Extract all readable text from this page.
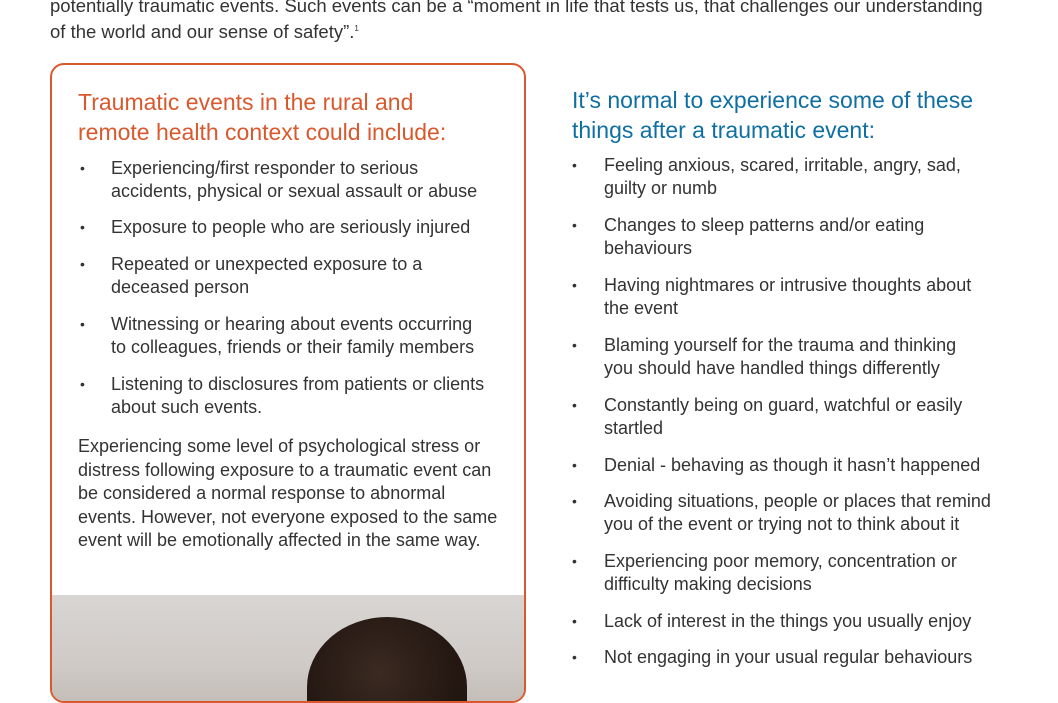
potentially traumatic events. Such events can be a “moment in life that tests us, that challenges our understanding

of the world and our sense of safety”.$^1$

Traumatic events in the rural and
remote health context could include:
•	Experiencing/first responder to serious
accidents, physical or sexual assault or abuse
•	Exposure to people who are seriously injured
•	Repeated or unexpected exposure to a
deceased person
•	Witnessing or hearing about events occurring
to colleagues, friends or their family members
•	Listening to disclosures from patients or clients
about such events.

Experiencing some level of psychological stress or distress following exposure to a traumatic event can be considered a normal response to abnormal events. However, not everyone exposed to the same event will be emotionally affected in the same way.

It’s normal to experience some of these
things after a traumatic event:
•	Feeling anxious, scared, irritable, angry, sad,
guilty or numb
•	Changes to sleep patterns and/or eating
behaviours
•	Having nightmares or intrusive thoughts about
the event
•	Blaming yourself for the trauma and thinking
you should have handled things differently
•	Constantly being on guard, watchful or easily
startled
•	Denial - behaving as though it hasn’t happened
•	Avoiding situations, people or places that remind
you of the event or trying not to think about it
•	Experiencing poor memory, concentration or
difficulty making decisions
•	Lack of interest in the things you usually enjoy
•	Not engaging in your usual regular behaviours
